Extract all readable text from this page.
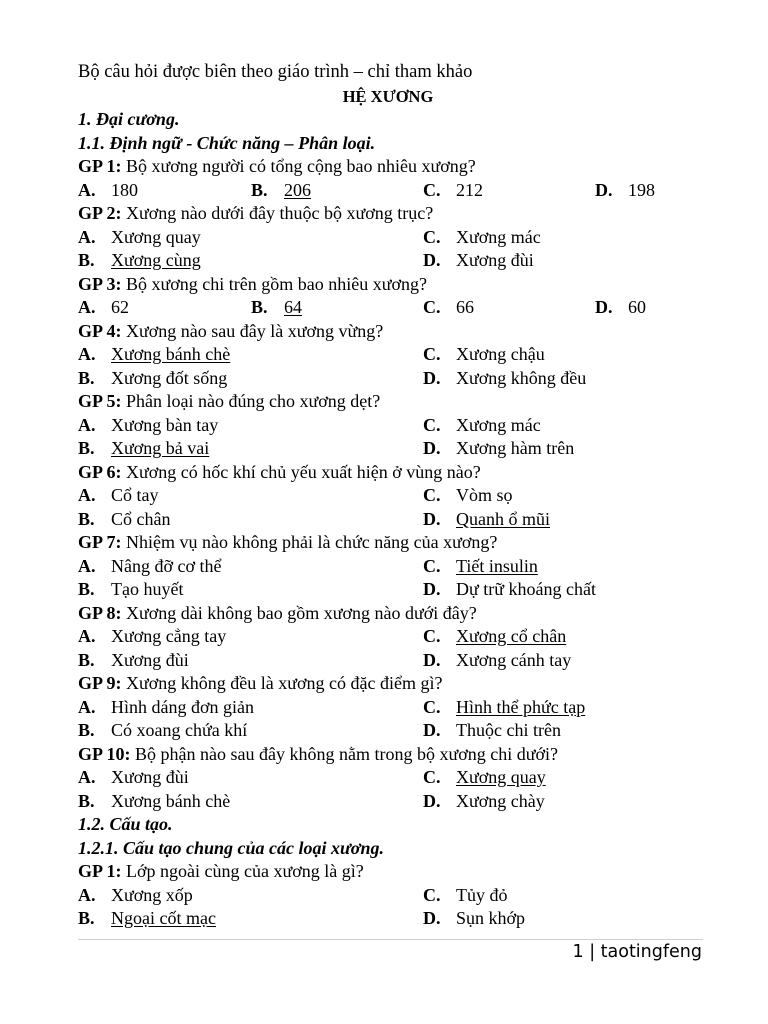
Bộ câu hỏi được biên theo giáo trình – chỉ tham khảo
HỆ XƯƠNG
1. Đại cương.
1.1. Định ngữ - Chức năng – Phân loại.
GP 1: Bộ xương người có tổng cộng bao nhiêu xương?
A. 180	B. 206	C. 212	D. 198
GP 2: Xương nào dưới đây thuộc bộ xương trục?
A. Xương quay	C. Xương mác
B. Xương cùng	D. Xương đùi
GP 3: Bộ xương chi trên gồm bao nhiêu xương?
A. 62	B. 64	C. 66	D. 60
GP 4: Xương nào sau đây là xương vừng?
A. Xương bánh chè	C. Xương chậu
B. Xương đốt sống	D. Xương không đều
GP 5: Phân loại nào đúng cho xương dẹt?
A. Xương bàn tay	C. Xương mác
B. Xương bả vai	D. Xương hàm trên
GP 6: Xương có hốc khí chủ yếu xuất hiện ở vùng nào?
A. Cổ tay	C. Vòm sọ
B. Cổ chân	D. Quanh ổ mũi
GP 7: Nhiệm vụ nào không phải là chức năng của xương?
A. Nâng đỡ cơ thể	C. Tiết insulin
B. Tạo huyết	D. Dự trữ khoáng chất
GP 8: Xương dài không bao gồm xương nào dưới đây?
A. Xương cẳng tay	C. Xương cổ chân
B. Xương đùi	D. Xương cánh tay
GP 9: Xương không đều là xương có đặc điểm gì?
A. Hình dáng đơn giản	C. Hình thể phức tạp
B. Có xoang chứa khí	D. Thuộc chi trên
GP 10: Bộ phận nào sau đây không nằm trong bộ xương chi dưới?
A. Xương đùi	C. Xương quay
B. Xương bánh chè	D. Xương chày
1.2. Cấu tạo.
1.2.1. Cấu tạo chung của các loại xương.
GP 1: Lớp ngoài cùng của xương là gì?
A. Xương xốp	C. Tủy đỏ
B. Ngoại cốt mạc	D. Sụn khớp
1 | taotingfeng
